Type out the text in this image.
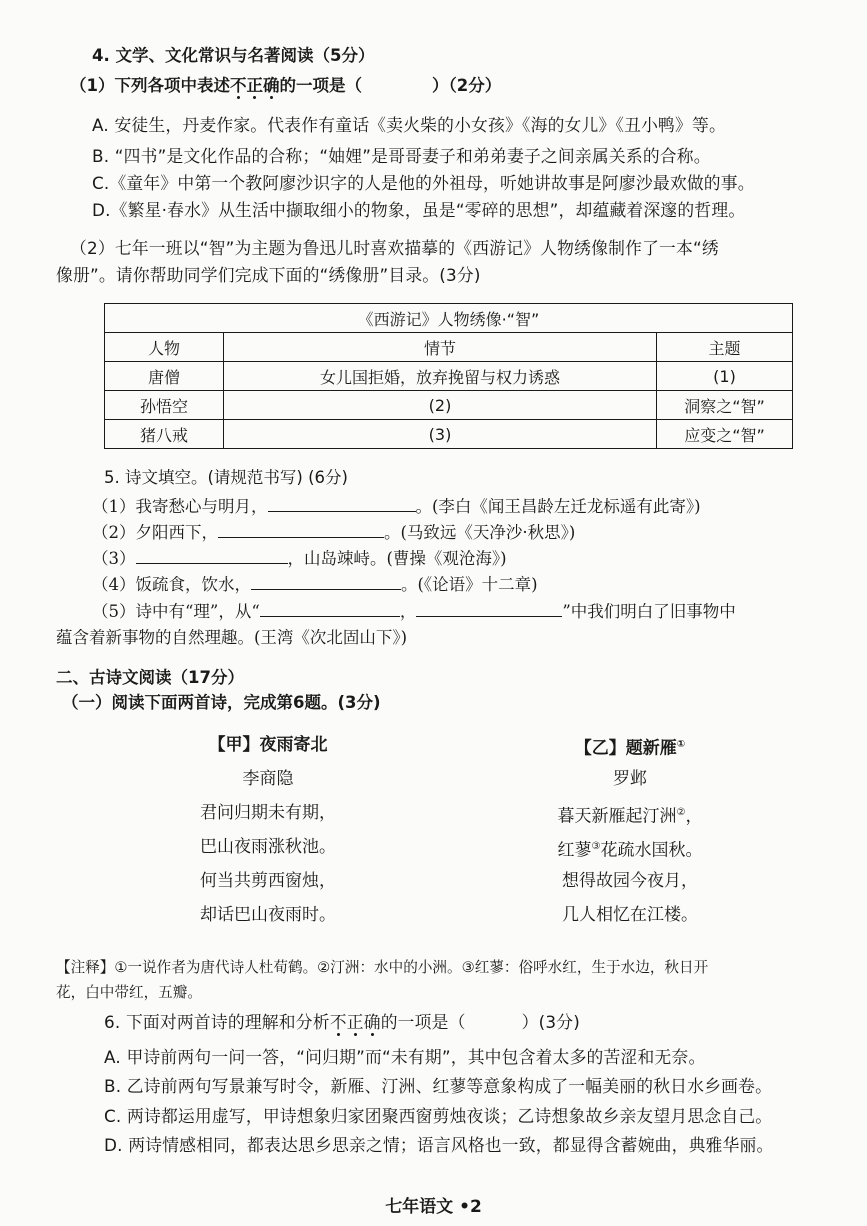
4. 文学、文化常识与名著阅读（5分）
（1）下列各项中表述不正确的一项是（	）（2分）
A. 安徒生，丹麦作家。代表作有童话《卖火柴的小女孩》《海的女儿》《丑小鸭》等。
B. “四书”是文化作品的合称；“妯娌”是哥哥妻子和弟弟妻子之间亲属关系的合称。
C.《童年》中第一个教阿廖沙识字的人是他的外祖母，听她讲故事是阿廖沙最欢做的事。
D.《繁星·春水》从生活中撷取细小的物象，虽是“零碎的思想”，却蕴藏着深邃的哲理。
（2）七年一班以“智”为主题为鲁迅儿时喜欢描摹的《西游记》人物绣像制作了一本“绣
像册”。请你帮助同学们完成下面的“绣像册”目录。(3分)
《西游记》人物绣像·“智”		
人物	情节	主题
唐僧	女儿国拒婚，放弃挽留与权力诱惑	(1)
孙悟空	(2)	洞察之“智”
猪八戒	(3)	应变之“智”
5. 诗文填空。(请规范书写) (6分)
（1）我寄愁心与明月，	。(李白《闻王昌龄左迁龙标遥有此寄》)
（2）夕阳西下，	。(马致远《天净沙·秋思》)
（3）	，山岛竦峙。(曹操《观沧海》)
（4）饭疏食，饮水，	。(《论语》十二章)
（5）诗中有“理”，从“	，	”中我们明白了旧事物中
蕴含着新事物的自然理趣。(王湾《次北固山下》)
二、古诗文阅读（17分）
（一）阅读下面两首诗，完成第6题。(3分)
【甲】夜雨寄北
李商隐
君问归期未有期，
巴山夜雨涨秋池。
何当共剪西窗烛，
却话巴山夜雨时。
【乙】题新雁①
罗邺
暮天新雁起汀洲②，
红蓼③花疏水国秋。
想得故园今夜月，
几人相忆在江楼。
【注释】①一说作者为唐代诗人杜荀鹤。②汀洲：水中的小洲。③红蓼：俗呼水红，生于水边，秋日开
花，白中带红，五瓣。
6. 下面对两首诗的理解和分析不正确的一项是（	）(3分)
A. 甲诗前两句一问一答，“问归期”而“未有期”，其中包含着太多的苦涩和无奈。
B. 乙诗前两句写景兼写时令，新雁、汀洲、红蓼等意象构成了一幅美丽的秋日水乡画卷。
C. 两诗都运用虚写，甲诗想象归家团聚西窗剪烛夜谈；乙诗想象故乡亲友望月思念自己。
D. 两诗情感相同，都表达思乡思亲之情；语言风格也一致，都显得含蓄婉曲，典雅华丽。
七年语文 •2
